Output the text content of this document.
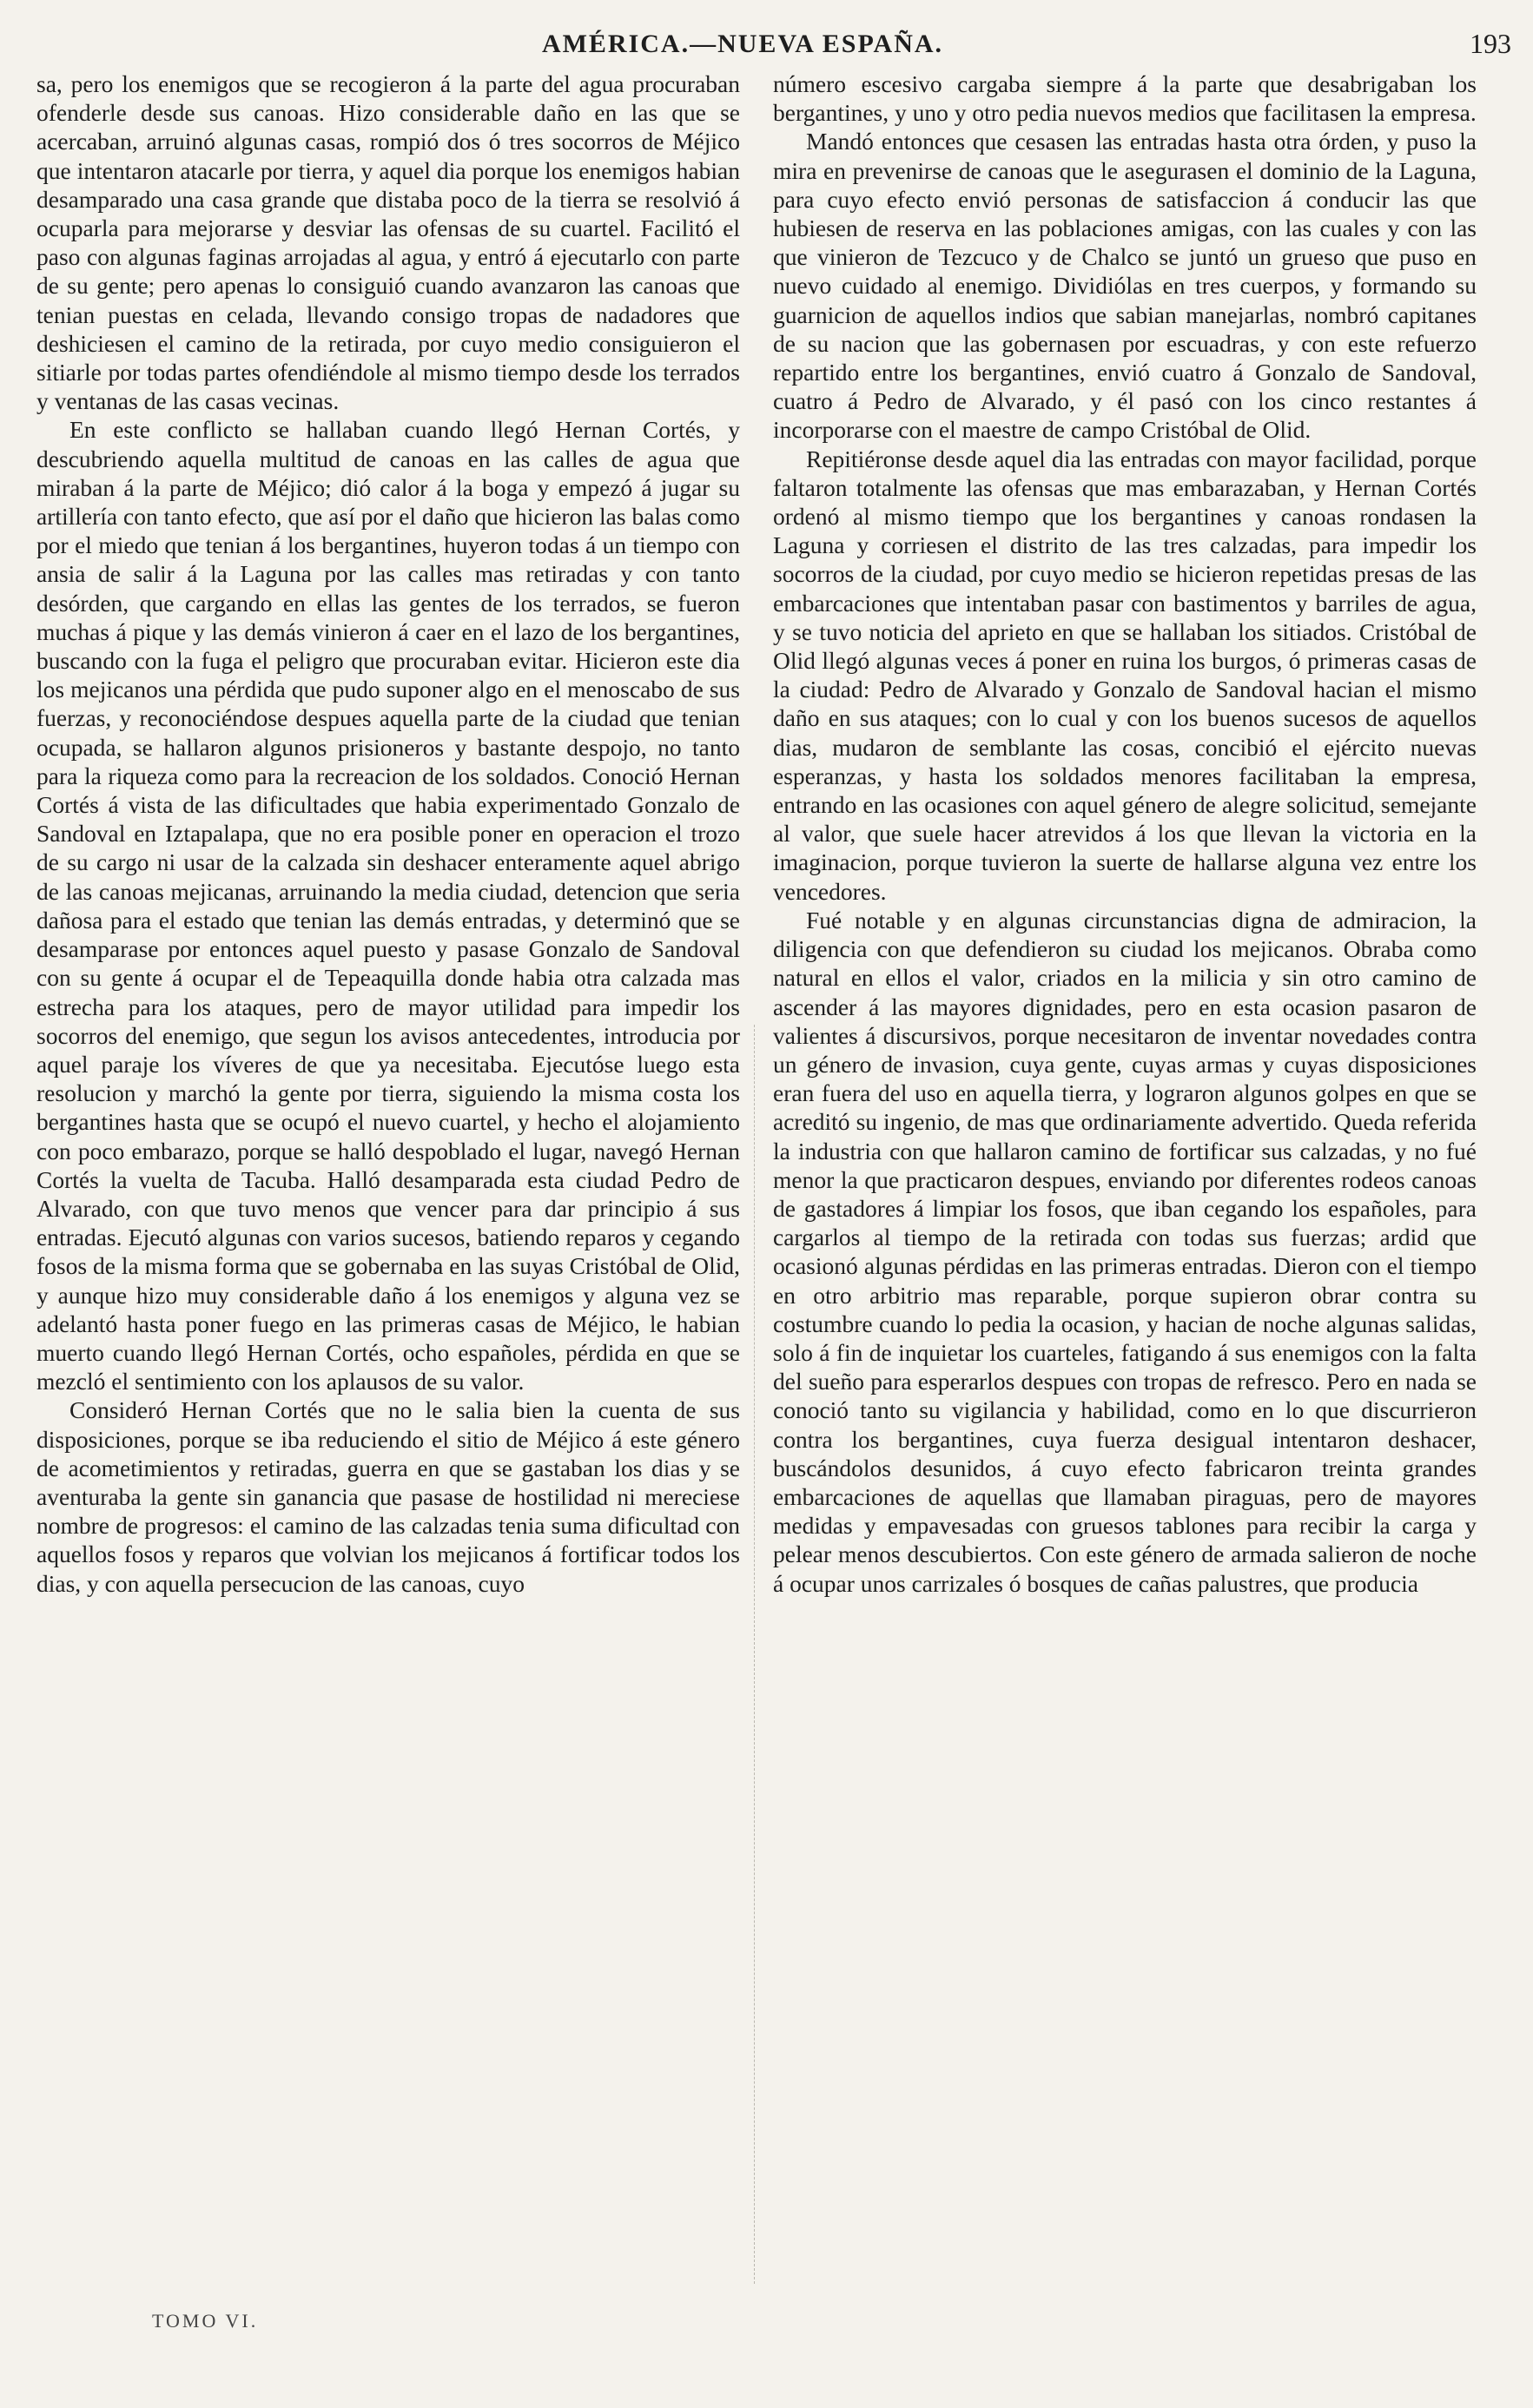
AMÉRICA.—NUEVA ESPAÑA.	193

sa, pero los enemigos que se recogieron á la parte del agua procuraban ofenderle desde sus canoas. Hizo considerable daño en las que se acercaban, arruinó algunas casas, rompió dos ó tres socorros de Méjico que intentaron atacarle por tierra, y aquel dia porque los enemigos habian desamparado una casa grande que distaba poco de la tierra se resolvió á ocuparla para mejorarse y desviar las ofensas de su cuartel. Facilitó el paso con algunas faginas arrojadas al agua, y entró á ejecutarlo con parte de su gente; pero apenas lo consiguió cuando avanzaron las canoas que tenian puestas en celada, llevando consigo tropas de nadadores que deshiciesen el camino de la retirada, por cuyo medio consiguieron el sitiarle por todas partes ofendiéndole al mismo tiempo desde los terrados y ventanas de las casas vecinas.

En este conflicto se hallaban cuando llegó Hernan Cortés, y descubriendo aquella multitud de canoas en las calles de agua que miraban á la parte de Méjico; dió calor á la boga y empezó á jugar su artillería con tanto efecto, que así por el daño que hicieron las balas como por el miedo que tenian á los bergantines, huyeron todas á un tiempo con ansia de salir á la Laguna por las calles mas retiradas y con tanto desórden, que cargando en ellas las gentes de los terrados, se fueron muchas á pique y las demás vinieron á caer en el lazo de los bergantines, buscando con la fuga el peligro que procuraban evitar. Hicieron este dia los mejicanos una pérdida que pudo suponer algo en el menoscabo de sus fuerzas, y reconociéndose despues aquella parte de la ciudad que tenian ocupada, se hallaron algunos prisioneros y bastante despojo, no tanto para la riqueza como para la recreacion de los soldados. Conoció Hernan Cortés á vista de las dificultades que habia experimentado Gonzalo de Sandoval en Iztapalapa, que no era posible poner en operacion el trozo de su cargo ni usar de la calzada sin deshacer enteramente aquel abrigo de las canoas mejicanas, arruinando la media ciudad, detencion que seria dañosa para el estado que tenian las demás entradas, y determinó que se desamparase por entonces aquel puesto y pasase Gonzalo de Sandoval con su gente á ocupar el de Tepeaquilla donde habia otra calzada mas estrecha para los ataques, pero de mayor utilidad para impedir los socorros del enemigo, que segun los avisos antecedentes, introducia por aquel paraje los víveres de que ya necesitaba. Ejecutóse luego esta resolucion y marchó la gente por tierra, siguiendo la misma costa los bergantines hasta que se ocupó el nuevo cuartel, y hecho el alojamiento con poco embarazo, porque se halló despoblado el lugar, navegó Hernan Cortés la vuelta de Tacuba. Halló desamparada esta ciudad Pedro de Alvarado, con que tuvo menos que vencer para dar principio á sus entradas. Ejecutó algunas con varios sucesos, batiendo reparos y cegando fosos de la misma forma que se gobernaba en las suyas Cristóbal de Olid, y aunque hizo muy considerable daño á los enemigos y alguna vez se adelantó hasta poner fuego en las primeras casas de Méjico, le habian muerto cuando llegó Hernan Cortés, ocho españoles, pérdida en que se mezcló el sentimiento con los aplausos de su valor.

Consideró Hernan Cortés que no le salia bien la cuenta de sus disposiciones, porque se iba reduciendo el sitio de Méjico á este género de acometimientos y retiradas, guerra en que se gastaban los dias y se aventuraba la gente sin ganancia que pasase de hostilidad ni mereciese nombre de progresos: el camino de las calzadas tenia suma dificultad con aquellos fosos y reparos que volvian los mejicanos á fortificar todos los dias, y con aquella persecucion de las canoas, cuyo

número escesivo cargaba siempre á la parte que desabrigaban los bergantines, y uno y otro pedia nuevos medios que facilitasen la empresa.

Mandó entonces que cesasen las entradas hasta otra órden, y puso la mira en prevenirse de canoas que le asegurasen el dominio de la Laguna, para cuyo efecto envió personas de satisfaccion á conducir las que hubiesen de reserva en las poblaciones amigas, con las cuales y con las que vinieron de Tezcuco y de Chalco se juntó un grueso que puso en nuevo cuidado al enemigo. Dividiólas en tres cuerpos, y formando su guarnicion de aquellos indios que sabian manejarlas, nombró capitanes de su nacion que las gobernasen por escuadras, y con este refuerzo repartido entre los bergantines, envió cuatro á Gonzalo de Sandoval, cuatro á Pedro de Alvarado, y él pasó con los cinco restantes á incorporarse con el maestre de campo Cristóbal de Olid.

Repitiéronse desde aquel dia las entradas con mayor facilidad, porque faltaron totalmente las ofensas que mas embarazaban, y Hernan Cortés ordenó al mismo tiempo que los bergantines y canoas rondasen la Laguna y corriesen el distrito de las tres calzadas, para impedir los socorros de la ciudad, por cuyo medio se hicieron repetidas presas de las embarcaciones que intentaban pasar con bastimentos y barriles de agua, y se tuvo noticia del aprieto en que se hallaban los sitiados. Cristóbal de Olid llegó algunas veces á poner en ruina los burgos, ó primeras casas de la ciudad: Pedro de Alvarado y Gonzalo de Sandoval hacian el mismo daño en sus ataques; con lo cual y con los buenos sucesos de aquellos dias, mudaron de semblante las cosas, concibió el ejército nuevas esperanzas, y hasta los soldados menores facilitaban la empresa, entrando en las ocasiones con aquel género de alegre solicitud, semejante al valor, que suele hacer atrevidos á los que llevan la victoria en la imaginacion, porque tuvieron la suerte de hallarse alguna vez entre los vencedores.

Fué notable y en algunas circunstancias digna de admiracion, la diligencia con que defendieron su ciudad los mejicanos. Obraba como natural en ellos el valor, criados en la milicia y sin otro camino de ascender á las mayores dignidades, pero en esta ocasion pasaron de valientes á discursivos, porque necesitaron de inventar novedades contra un género de invasion, cuya gente, cuyas armas y cuyas disposiciones eran fuera del uso en aquella tierra, y lograron algunos golpes en que se acreditó su ingenio, de mas que ordinariamente advertido. Queda referida la industria con que hallaron camino de fortificar sus calzadas, y no fué menor la que practicaron despues, enviando por diferentes rodeos canoas de gastadores á limpiar los fosos, que iban cegando los españoles, para cargarlos al tiempo de la retirada con todas sus fuerzas; ardid que ocasionó algunas pérdidas en las primeras entradas. Dieron con el tiempo en otro arbitrio mas reparable, porque supieron obrar contra su costumbre cuando lo pedia la ocasion, y hacian de noche algunas salidas, solo á fin de inquietar los cuarteles, fatigando á sus enemigos con la falta del sueño para esperarlos despues con tropas de refresco. Pero en nada se conoció tanto su vigilancia y habilidad, como en lo que discurrieron contra los bergantines, cuya fuerza desigual intentaron deshacer, buscándolos desunidos, á cuyo efecto fabricaron treinta grandes embarcaciones de aquellas que llamaban piraguas, pero de mayores medidas y empavesadas con gruesos tablones para recibir la carga y pelear menos descubiertos. Con este género de armada salieron de noche á ocupar unos carrizales ó bosques de cañas palustres, que producia

TOMO VI.
